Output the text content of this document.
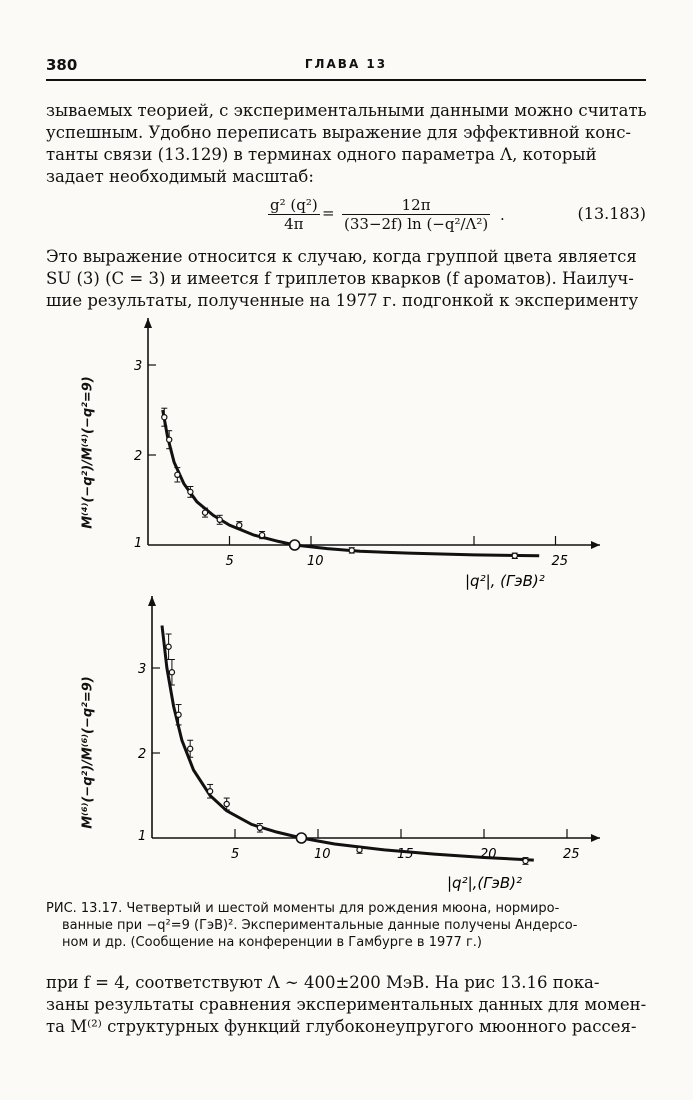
380	ГЛАВА 13
зываемых теорией, с экспериментальными данными можно считать
успешным. Удобно переписать выражение для эффективной конс-
танты связи (13.129) в терминах одного параметра Λ, который
задает необходимый масштаб:
$\frac{\text{g² (q²)}}{4\pi} = \frac{12\pi}{\text{(33−2f) ln (−q²/Λ²)}}$ .	(13.183)
Это выражение относится к случаю, когда группой цвета является
SU (3) (C = 3) и имеется f триплетов кварков (f ароматов). Наилуч-
шие результаты, полученные на 1977 г. подгонкой к эксперименту
5	10	25
1
2
3
|q²|, (ГэВ)²
5	10	15	20	25
1
2
3
|q²|,(ГэВ)²
M⁽⁴⁾(−q²)/M⁽⁴⁾(−q²=9)
M⁽⁶⁾(−q²)/M⁽⁶⁾(−q²=9)
РИС. 13.17. Четвертый и шестой моменты для рождения мюона, нормиро-
ванные при −q²=9 (ГэВ)². Экспериментальные данные получены Андерсо-
ном и др. (Сообщение на конференции в Гамбурге в 1977 г.)
при f = 4, соответствуют Λ ∼ 400±200 МэВ. На рис 13.16 пока-
заны результаты сравнения экспериментальных данных для момен-
та M⁽²⁾ структурных функций глубоконеупругого мюонного рассея-
